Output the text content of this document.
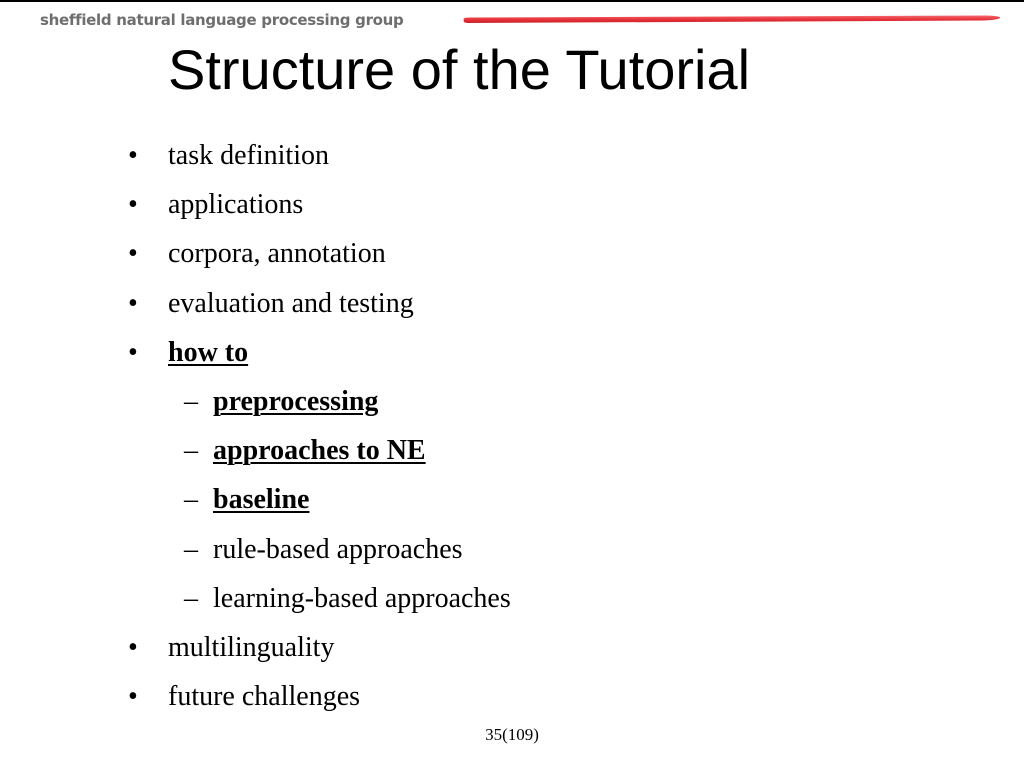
sheffield natural language processing group
Structure of the Tutorial
• task definition
• applications
• corpora, annotation
• evaluation and testing
• how to
– preprocessing
– approaches to NE
– baseline
– rule-based approaches
– learning-based approaches
• multilinguality
• future challenges
35(109)
